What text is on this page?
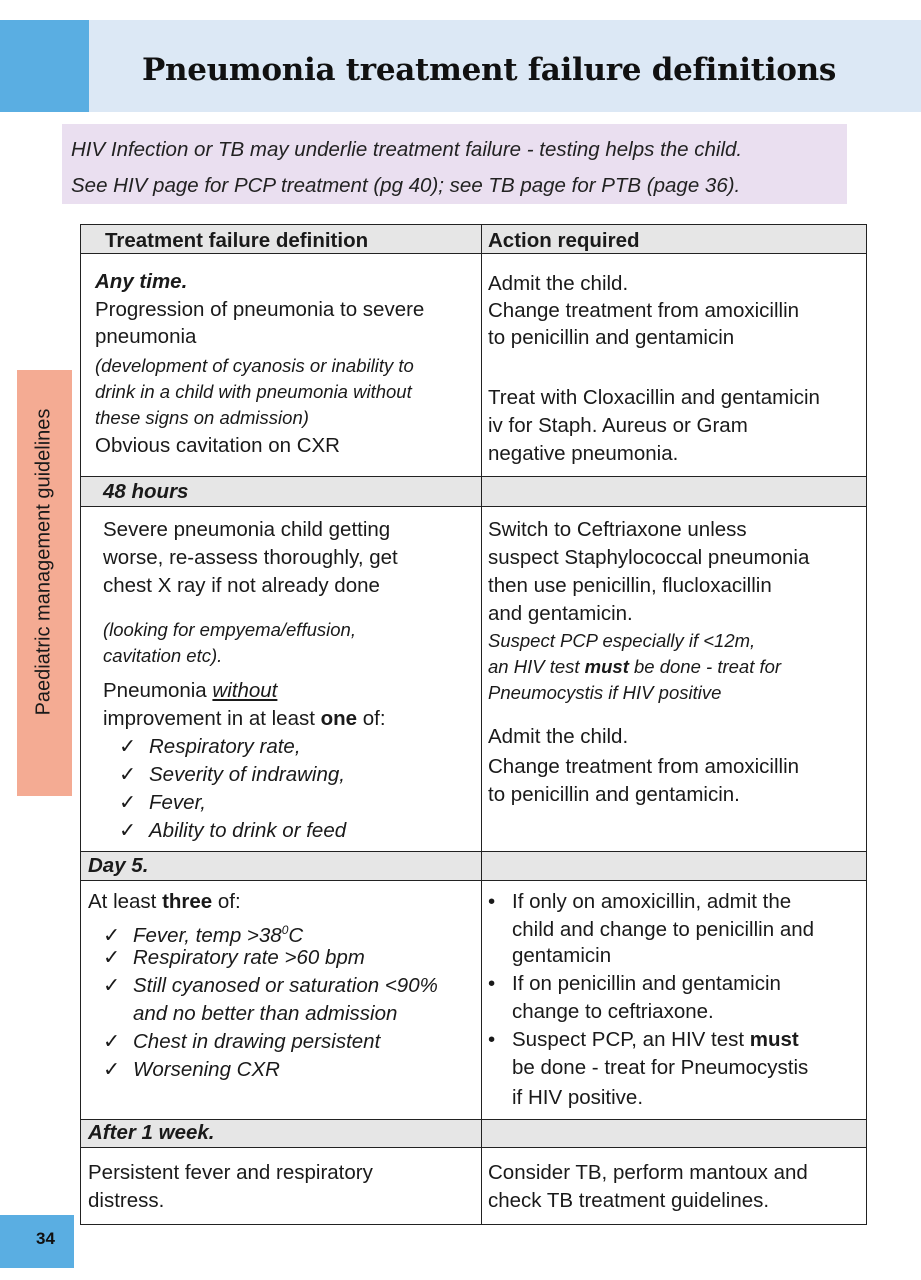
Pneumonia treatment failure definitions
HIV Infection or TB may underlie treatment failure - testing helps the child.
See HIV page for PCP treatment (pg 40); see TB page for PTB (page 36).
Paediatric management guidelines
Treatment failure definition	Action required
Any time.
Progression of pneumonia to severe
pneumonia
(development of cyanosis or inability to
drink in a child with pneumonia without
these signs on admission)
Obvious cavitation on CXR
Admit the child.
Change treatment from amoxicillin
to penicillin and gentamicin
Treat with Cloxacillin and gentamicin
iv for Staph. Aureus or Gram
negative pneumonia.
48 hours
Severe pneumonia child getting
worse, re-assess thoroughly, get
chest X ray if not already done
(looking for empyema/effusion,
cavitation etc).
Pneumonia without
improvement in at least one of:
✓ Respiratory rate,
✓ Severity of indrawing,
✓ Fever,
✓ Ability to drink or feed
Switch to Ceftriaxone unless
suspect Staphylococcal pneumonia
then use penicillin, flucloxacillin
and gentamicin.
Suspect PCP especially if <12m,
an HIV test must be done - treat for
Pneumocystis if HIV positive
Admit the child.
Change treatment from amoxicillin
to penicillin and gentamicin.
Day 5.
At least three of:
✓ Fever, temp $>38^0C$
✓ Respiratory rate >60 bpm
✓ Still cyanosed or saturation <90%
and no better than admission
✓ Chest in drawing persistent
✓ Worsening CXR
• If only on amoxicillin, admit the
child and change to penicillin and
gentamicin
• If on penicillin and gentamicin
change to ceftriaxone.
• Suspect PCP, an HIV test must
be done - treat for Pneumocystis
if HIV positive.
After 1 week.
Persistent fever and respiratory
distress.
Consider TB, perform mantoux and
check TB treatment guidelines.
34
